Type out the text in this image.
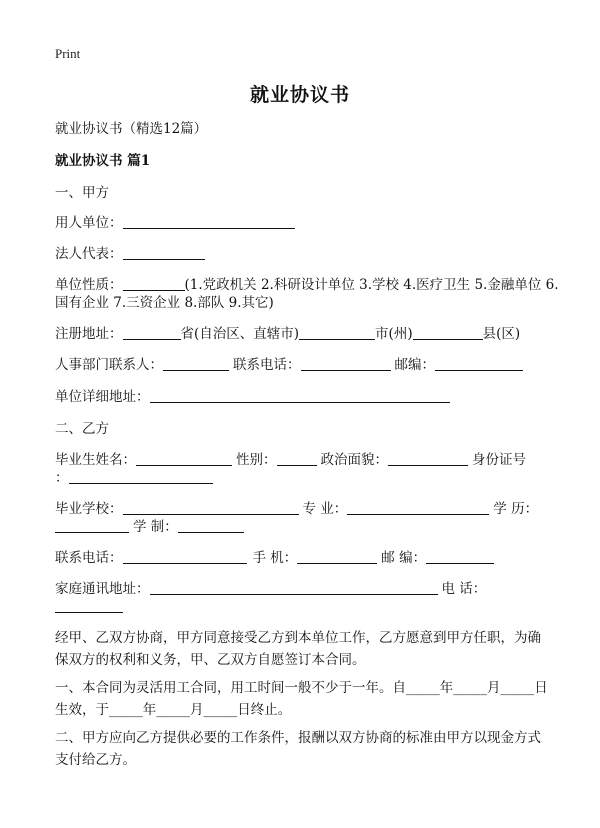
Print
就业协议书
就业协议书（精选12篇）
就业协议书 篇1
一、甲方
用人单位：
法人代表：
单位性质：	(1.党政机关 2.科研设计单位 3.学校 4.医疗卫生 5.金融单位 6.
国有企业 7.三资企业 8.部队 9.其它)
注册地址：	省(自治区、直辖市)	市(州)	县(区)
人事部门联系人：	联系电话：	邮编：
单位详细地址：
二、乙方
毕业生姓名：	性别：	政治面貌：	身份证号
：
毕业学校：	专 业：	学 历：
学 制：
联系电话：	手 机：	邮 编：
家庭通讯地址：	电 话：
经甲、乙双方协商，甲方同意接受乙方到本单位工作，乙方愿意到甲方任职，为确保双方的权利和义务，甲、乙双方自愿签订本合同。
一、本合同为灵活用工合同，用工时间一般不少于一年。自_____年_____月_____日生效，于_____年_____月_____日终止。
二、甲方应向乙方提供必要的工作条件，报酬以双方协商的标准由甲方以现金方式支付给乙方。
